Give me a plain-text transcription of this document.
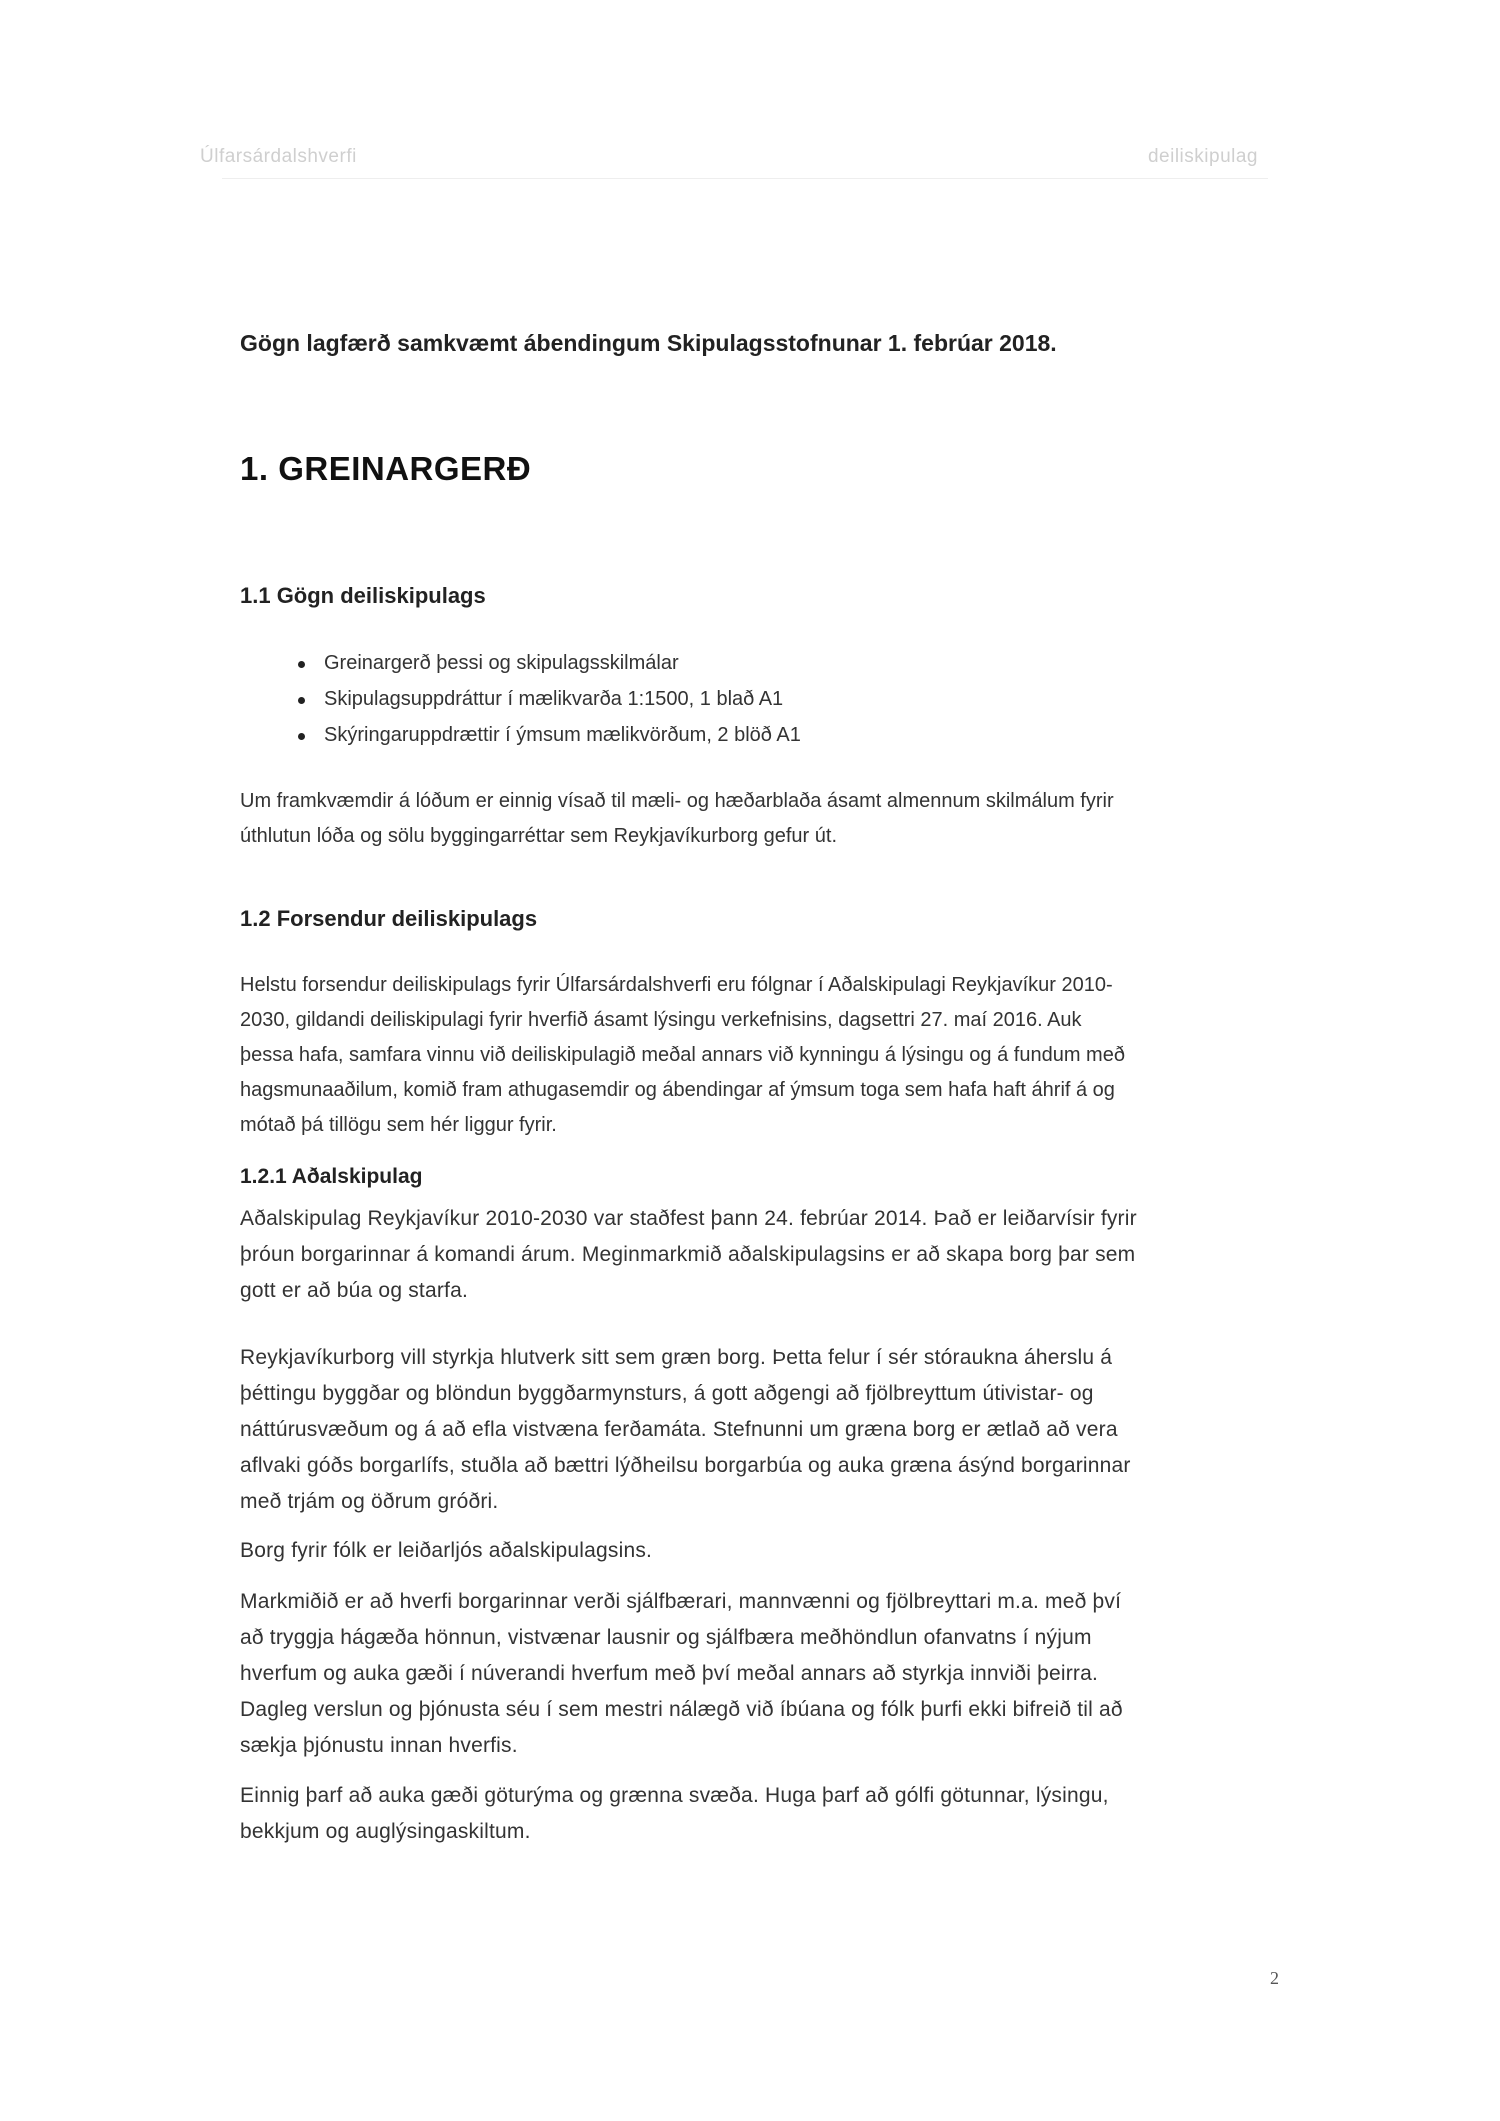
Úlfarsárdalshverfi	deiliskipulag
Gögn lagfærð samkvæmt ábendingum Skipulagsstofnunar 1. febrúar 2018.
1. GREINARGERÐ
1.1 Gögn deiliskipulags
Greinargerð þessi og skipulagsskilmálar
Skipulagsuppdráttur í mælikvarða 1:1500, 1 blað A1
Skýringaruppdrættir í ýmsum mælikvörðum, 2 blöð A1
Um framkvæmdir á lóðum er einnig vísað til mæli- og hæðarblaða ásamt almennum skilmálum fyrir
úthlutun lóða og sölu byggingarréttar sem Reykjavíkurborg gefur út.
1.2 Forsendur deiliskipulags
Helstu forsendur deiliskipulags fyrir Úlfarsárdalshverfi eru fólgnar í Aðalskipulagi Reykjavíkur 2010-
2030, gildandi deiliskipulagi fyrir hverfið ásamt lýsingu verkefnisins, dagsettri 27. maí 2016. Auk
þessa hafa, samfara vinnu við deiliskipulagið meðal annars við kynningu á lýsingu og á fundum með
hagsmunaaðilum, komið fram athugasemdir og ábendingar af ýmsum toga sem hafa haft áhrif á og
mótað þá tillögu sem hér liggur fyrir.
1.2.1 Aðalskipulag
Aðalskipulag Reykjavíkur 2010-2030 var staðfest þann 24. febrúar 2014. Það er leiðarvísir fyrir
þróun borgarinnar á komandi árum. Meginmarkmið aðalskipulagsins er að skapa borg þar sem
gott er að búa og starfa.
Reykjavíkurborg vill styrkja hlutverk sitt sem græn borg. Þetta felur í sér stóraukna áherslu á
þéttingu byggðar og blöndun byggðarmynsturs, á gott aðgengi að fjölbreyttum útivistar- og
náttúrusvæðum og á að efla vistvæna ferðamáta. Stefnunni um græna borg er ætlað að vera
aflvaki góðs borgarlífs, stuðla að bættri lýðheilsu borgarbúa og auka græna ásýnd borgarinnar
með trjám og öðrum gróðri.
Borg fyrir fólk er leiðarljós aðalskipulagsins.
Markmiðið er að hverfi borgarinnar verði sjálfbærari, mannvænni og fjölbreyttari m.a. með því
að tryggja hágæða hönnun, vistvænar lausnir og sjálfbæra meðhöndlun ofanvatns í nýjum
hverfum og auka gæði í núverandi hverfum með því meðal annars að styrkja innviði þeirra.
Dagleg verslun og þjónusta séu í sem mestri nálægð við íbúana og fólk þurfi ekki bifreið til að
sækja þjónustu innan hverfis.
Einnig þarf að auka gæði göturýma og grænna svæða. Huga þarf að gólfi götunnar, lýsingu,
bekkjum og auglýsingaskiltum.
2
